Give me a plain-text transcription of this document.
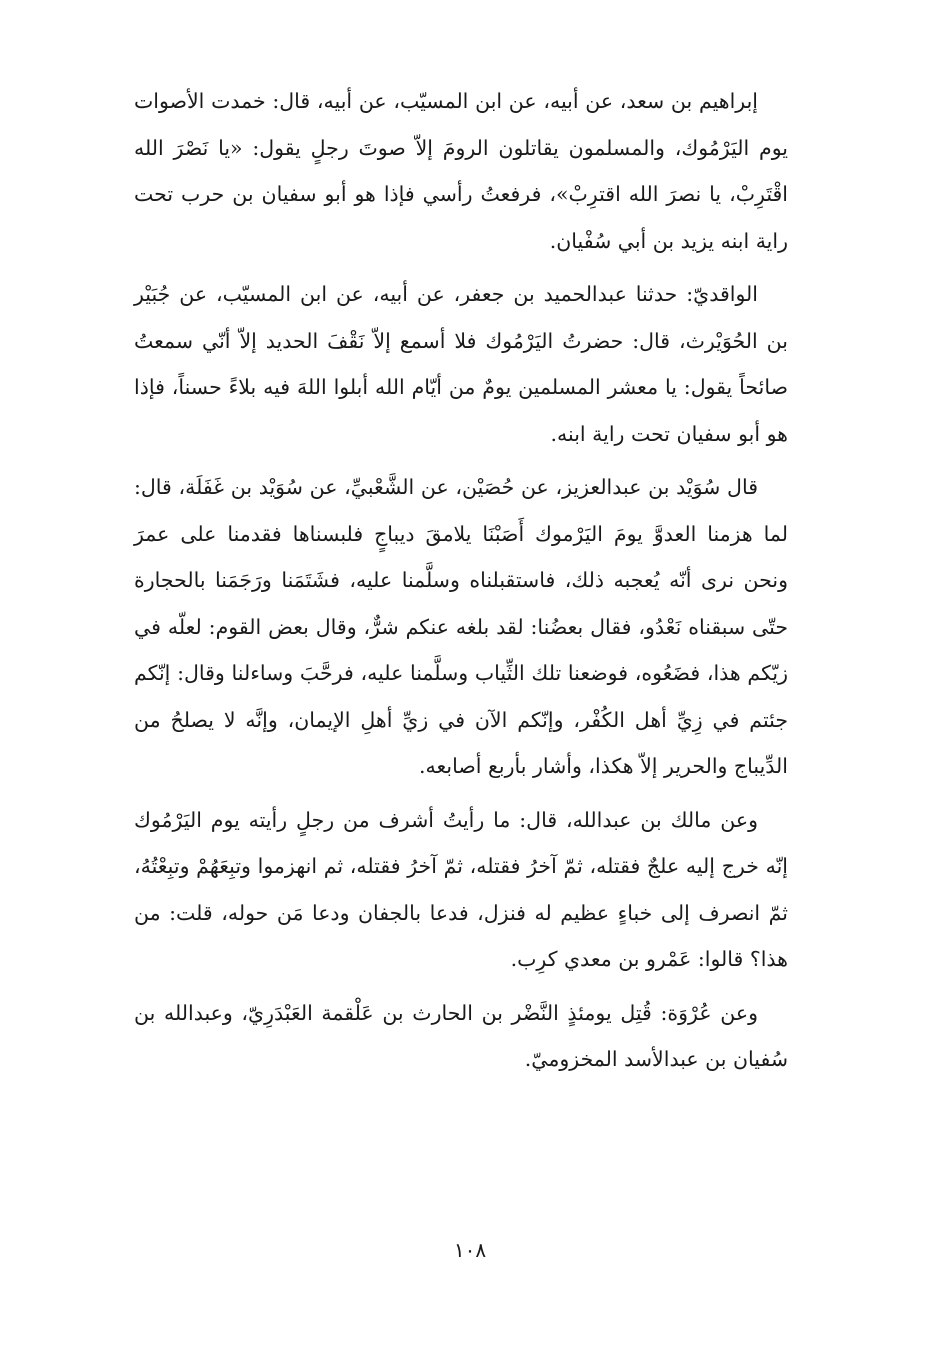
إبراهيم بن سعد، عن أبيه، عن ابن المسيّب، عن أبيه، قال: خمدت الأصوات يوم اليَرْمُوك، والمسلمون يقاتلون الرومَ إلاّ صوتَ رجلٍ يقول: «يا نَصْرَ الله اقْتَرِبْ، يا نصرَ الله اقترِبْ»، فرفعتُ رأسي فإذا هو أبو سفيان بن حرب تحت راية ابنه يزيد بن أبي سُفْيان.

الواقديّ: حدثنا عبدالحميد بن جعفر، عن أبيه، عن ابن المسيّب، عن جُبَيْر بن الحُوَيْرث، قال: حضرتُ اليَرْمُوك فلا أسمع إلاّ نَقْفَ الحديد إلاّ أنّي سمعتُ صائحاً يقول: يا معشر المسلمين يومٌ من أيّام الله أبلوا اللهَ فيه بلاءً حسناً، فإذا هو أبو سفيان تحت راية ابنه.

قال سُوَيْد بن عبدالعزيز، عن حُصَيْن، عن الشَّعْبيِّ، عن سُوَيْد بن غَفَلَة، قال: لما هزمنا العدوَّ يومَ اليَرْموك أَصَبْنَا يلامقَ ديباجٍ فلبسناها فقدمنا على عمرَ ونحن نرى أنّه يُعجبه ذلك، فاستقبلناه وسلَّمنا عليه، فشَتَمَنا ورَجَمَنا بالحجارة حتّى سبقناه نَعْدُو، فقال بعضُنا: لقد بلغه عنكم شرٌّ، وقال بعض القوم: لعلّه في زيّكم هذا، فضَعُوه، فوضعنا تلك الثِّياب وسلَّمنا عليه، فرحَّبَ وساءلنا وقال: إنّكم جئتم في زِيِّ أهل الكُفْر، وإنّكم الآن في زيِّ أهلِ الإيمان، وإنَّه لا يصلحُ من الدِّيباج والحرير إلاّ هكذا، وأشار بأربع أصابعه.

وعن مالك بن عبدالله، قال: ما رأيتُ أشرف من رجلٍ رأيته يوم اليَرْمُوك إنّه خرج إليه علجٌ فقتله، ثمّ آخرُ فقتله، ثمّ آخرُ فقتله، ثم انهزموا وتبِعَهُمْ وتبِعْتُهُ، ثمّ انصرف إلى خباءٍ عظيم له فنزل، فدعا بالجفان ودعا مَن حوله، قلت: من هذا؟ قالوا: عَمْرو بن معدي كرِب.

وعن عُرْوَة: قُتِل يومئذٍ النَّضْر بن الحارث بن عَلْقمة العَبْدَرِيّ، وعبدالله بن سُفيان بن عبدالأسد المخزوميّ.

١٠٨
